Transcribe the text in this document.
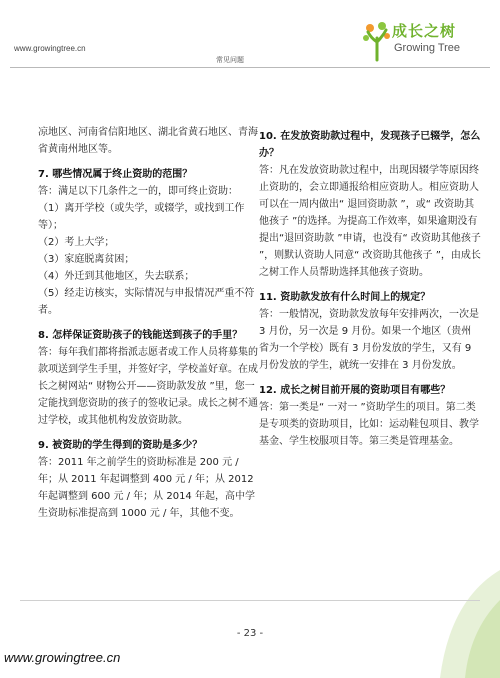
www.growingtree.cn
常见问题
成长之树
Growing Tree
凉地区、河南省信阳地区、湖北省黄石地区、青海省黄南州地区等。
7. 哪些情况属于终止资助的范围？
答：满足以下几条件之一的，即可终止资助：
（1）离开学校（或失学，或辍学，或找到工作等）；
（2）考上大学；
（3）家庭脱离贫困；
（4）外迁到其他地区，失去联系；
（5）经走访核实，实际情况与申报情况严重不符者。
8. 怎样保证资助孩子的钱能送到孩子的手里？
答：每年我们都将指派志愿者或工作人员将募集的款项送到学生手里，并签好字，学校盖好章。在成长之树网站“ 财物公开——资助款发放 ”里，您一定能找到您资助的孩子的签收记录。成长之树不通过学校，或其他机构发放资助款。
9. 被资助的学生得到的资助是多少？
答：2011 年之前学生的资助标准是 200 元 / 年；从 2011 年起调整到 400 元 / 年；从 2012 年起调整到 600 元 / 年；从 2014 年起，高中学生资助标准提高到 1000 元 / 年，其他不变。
10. 在发放资助款过程中，发现孩子已辍学，怎么办？
答：凡在发放资助款过程中，出现因辍学等原因终止资助的，会立即通报给相应资助人。相应资助人可以在一周内做出“ 退回资助款 ”，或“ 改资助其他孩子 ”的选择。为提高工作效率，如果逾期没有提出“退回资助款 ”申请，也没有“ 改资助其他孩子 ”，则默认资助人同意“ 改资助其他孩子 ”，由成长之树工作人员帮助选择其他孩子资助。
11. 资助款发放有什么时间上的规定？
答：一般情况，资助款发放每年安排两次，一次是 3 月份，另一次是 9 月份。如果一个地区（贵州省为一个学校）既有 3 月份发放的学生，又有 9 月份发放的学生，就统一安排在 3 月份发放。
12. 成长之树目前开展的资助项目有哪些？
答：第一类是“ 一对一 ”资助学生的项目。第二类是专项类的资助项目，比如：运动鞋包项目、教学基金、学生校服项目等。第三类是管理基金。
- 23 -
www.growingtree.cn
